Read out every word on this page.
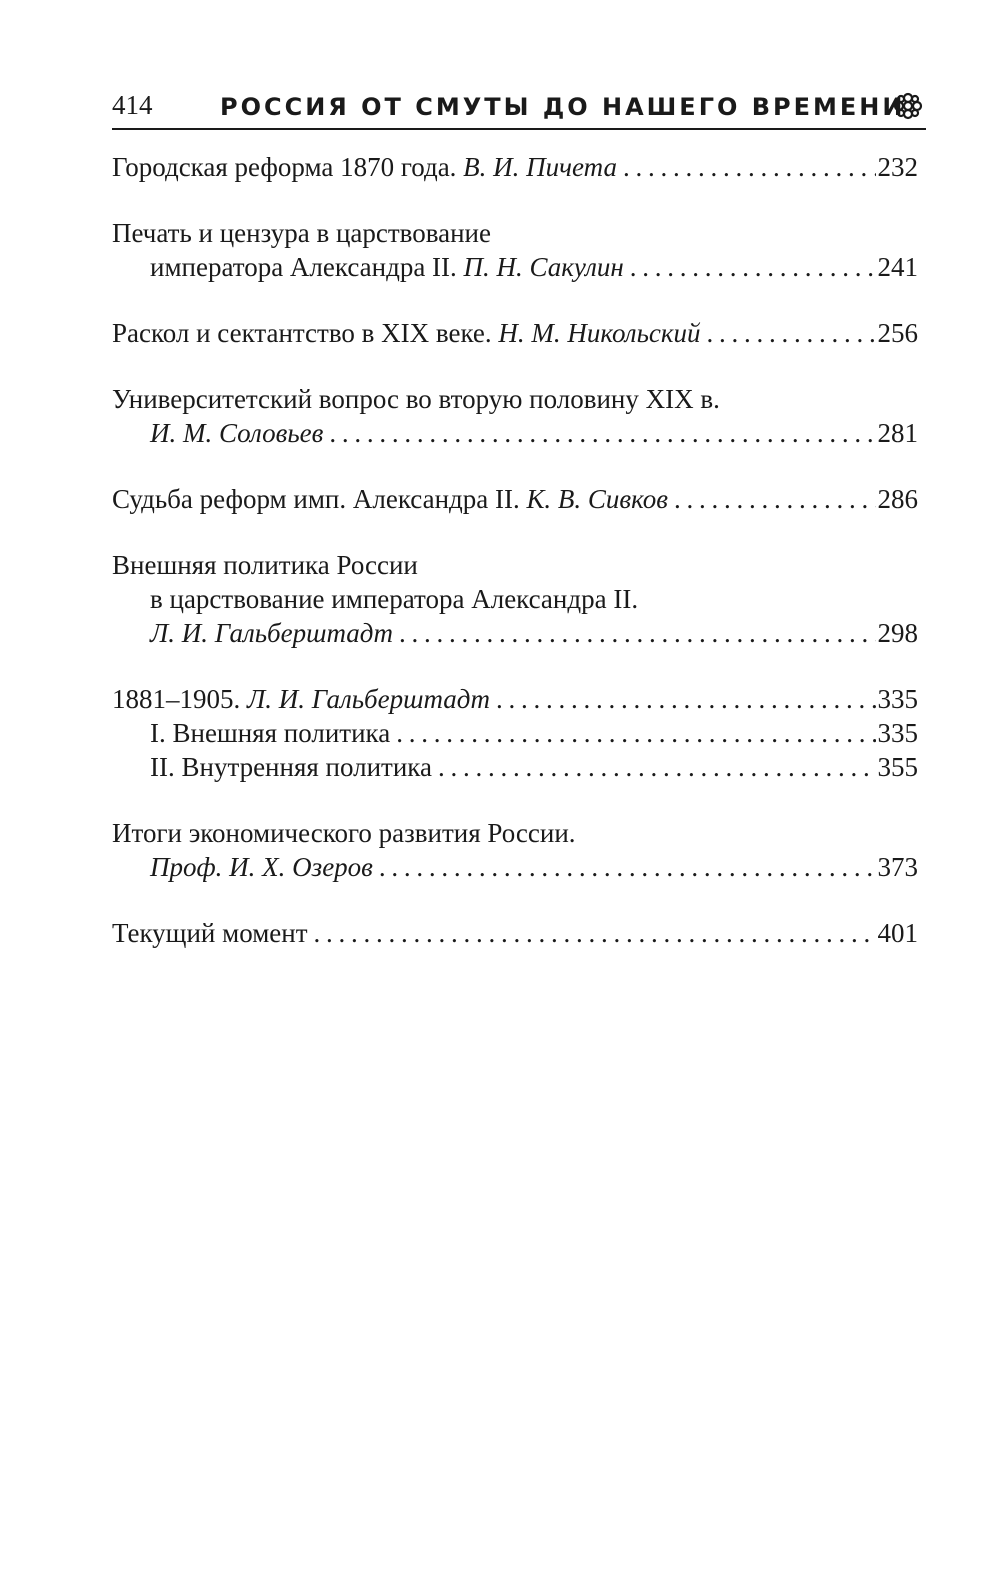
414	РОССИЯ ОТ СМУТЫ ДО НАШЕГО ВРЕМЕНИ
Городская реформа 1870 года.
В. И. Пичета . . .	232
Печать и цензура в царствование
императора Александра II.
П. Н. Сакулин . . .	241
Раскол и сектантство в XIX веке.
Н. М. Никольский . . .	256
Университетский вопрос во вторую половину XIX в.
И. М. Соловьев . . .	281
Судьба реформ имп. Александра II.
К. В. Сивков . . .	286
Внешняя политика России
в царствование императора Александра II.
Л. И. Гальберштадт . . .	298
1881–1905.
Л. И. Гальберштадт . . .	335
I. Внешняя политика . . .	335
II. Внутренняя политика . . .	355
Итоги экономического развития России.
Проф. И. Х. Озеров . . .	373
Текущий момент . . .	401
